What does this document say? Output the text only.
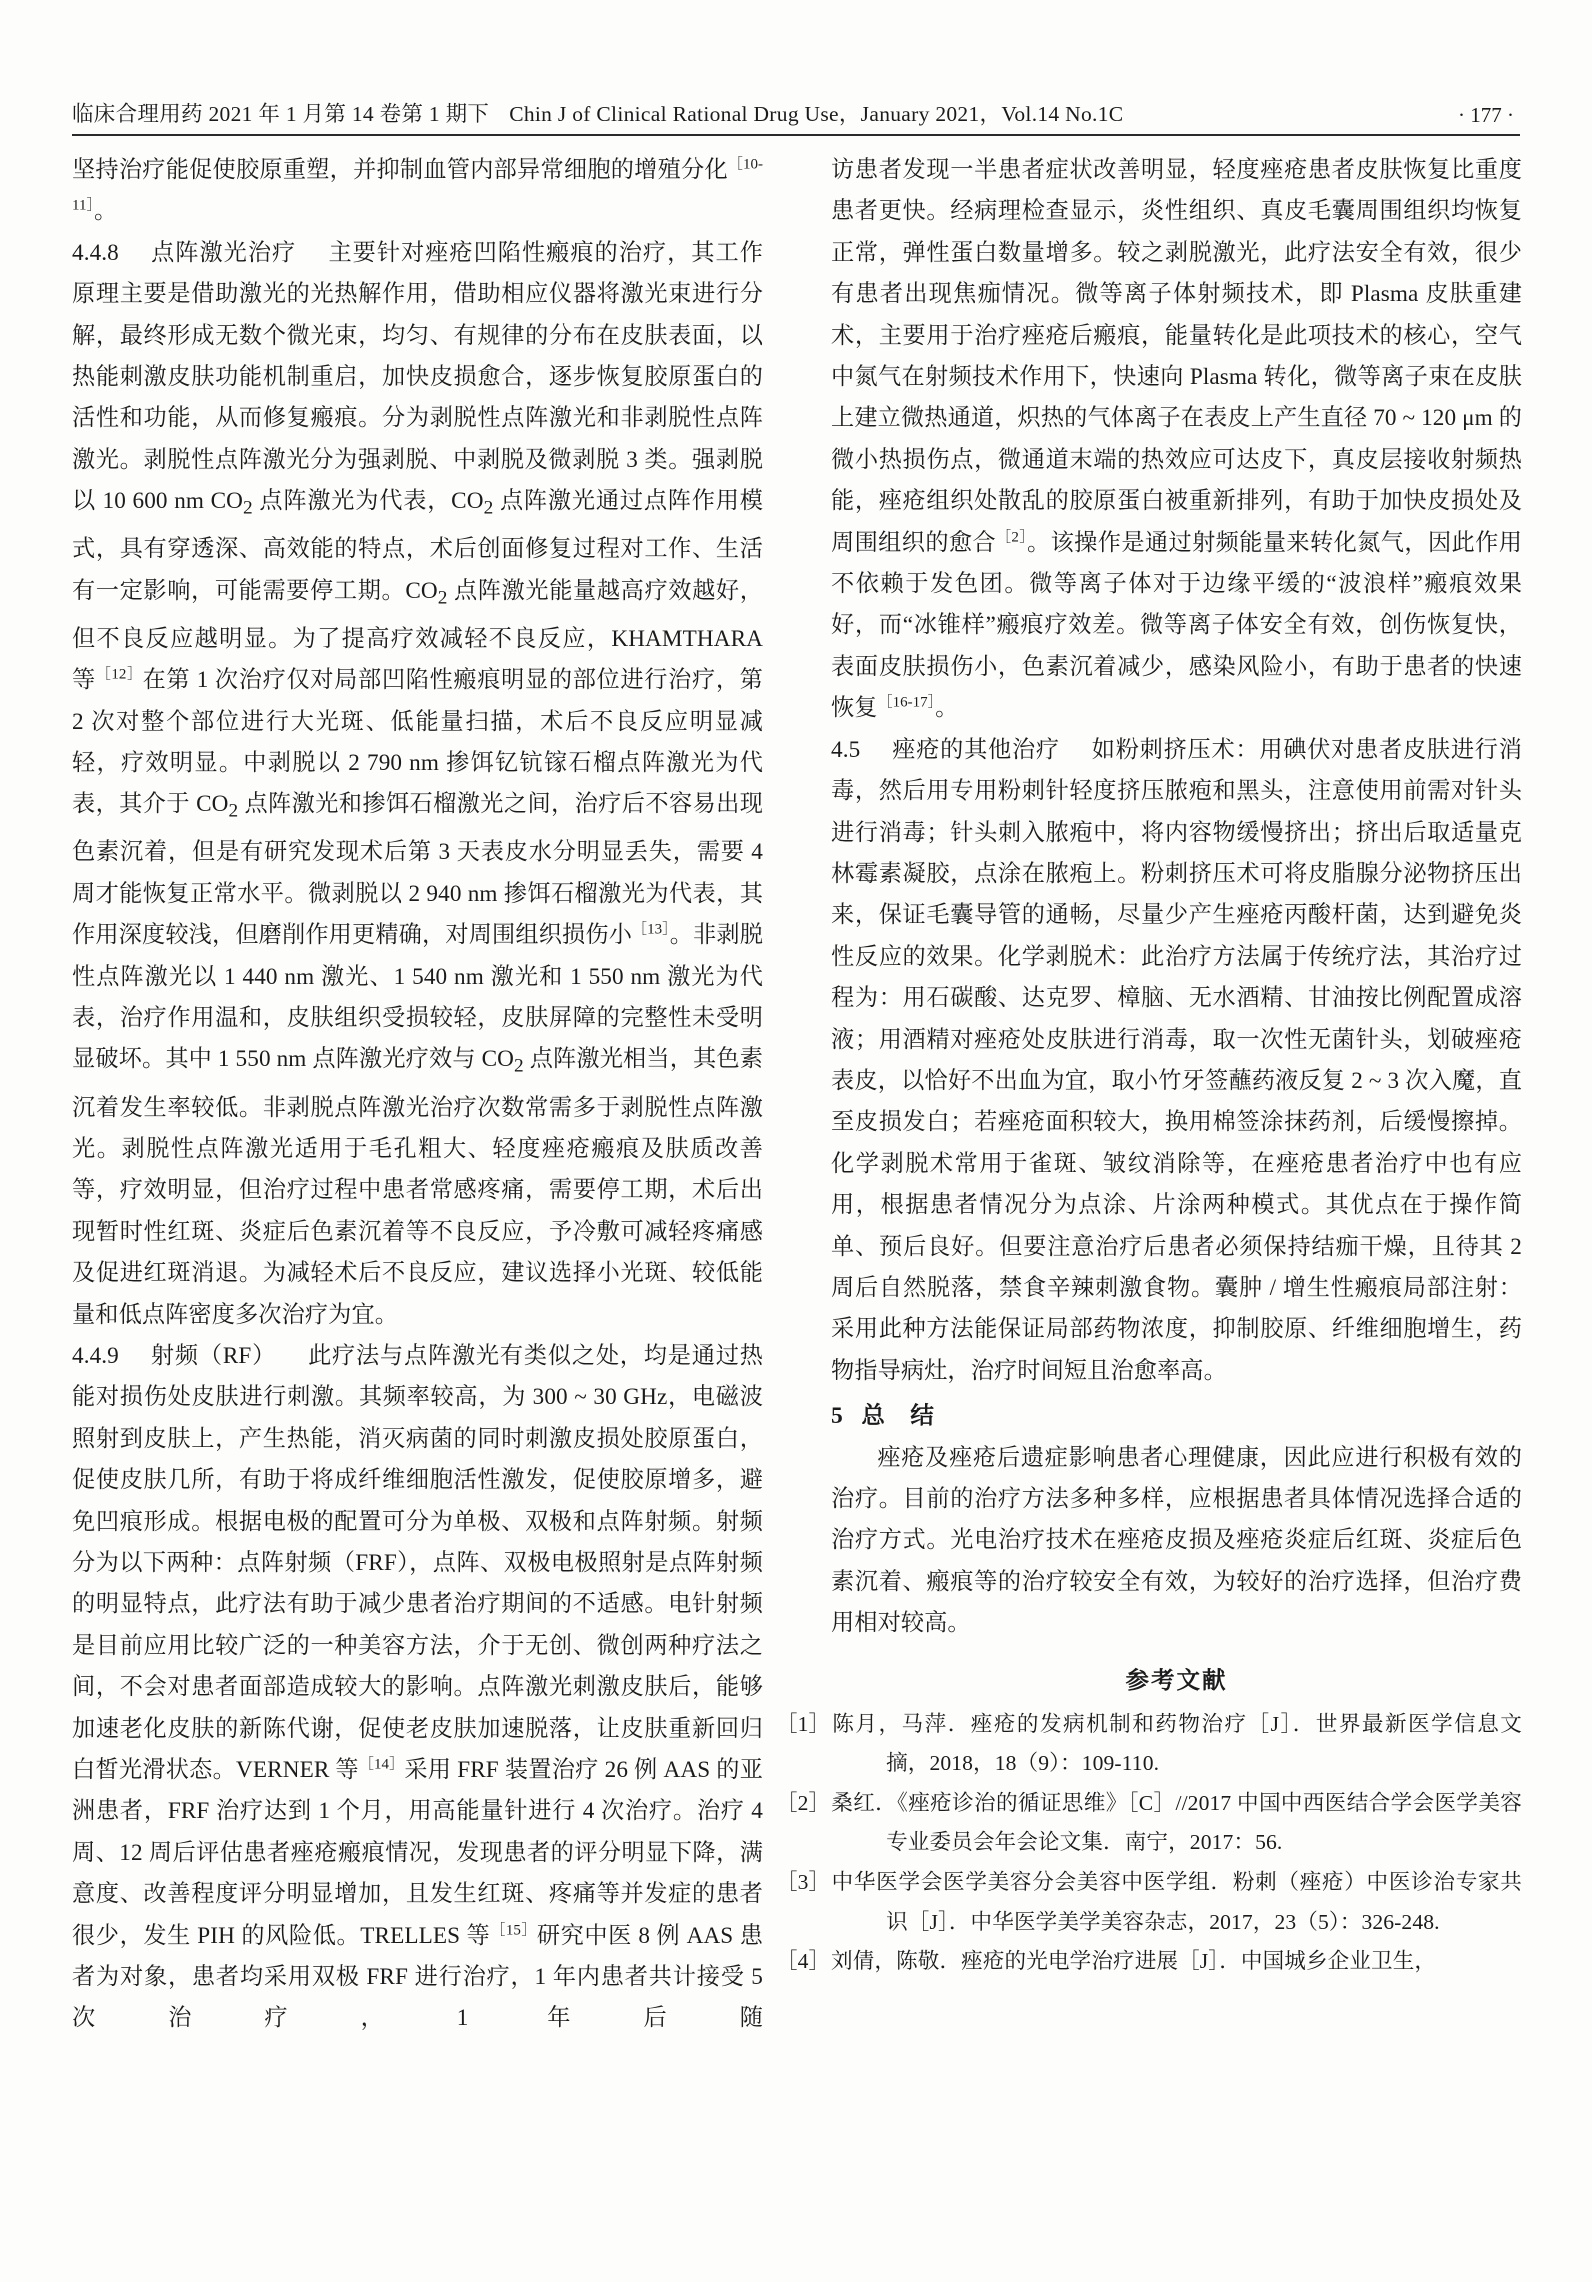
临床合理用药 2021 年 1 月第 14 卷第 1 期下 Chin J of Clinical Rational Drug Use，January 2021，Vol.14 No.1C	· 177 ·

坚持治疗能促使胶原重塑，并抑制血管内部异常细胞的增殖分化$^{[10-11]}$。

4.4.8 点阵激光治疗 主要针对痤疮凹陷性瘢痕的治疗，其工作原理主要是借助激光的光热解作用，借助相应仪器将激光束进行分解，最终形成无数个微光束，均匀、有规律的分布在皮肤表面，以热能刺激皮肤功能机制重启，加快皮损愈合，逐步恢复胶原蛋白的活性和功能，从而修复瘢痕。分为剥脱性点阵激光和非剥脱性点阵激光。剥脱性点阵激光分为强剥脱、中剥脱及微剥脱 3 类。强剥脱以 10 600 nm $CO_2$ 点阵激光为代表，$CO_2$ 点阵激光通过点阵作用模式，具有穿透深、高效能的特点，术后创面修复过程对工作、生活有一定影响，可能需要停工期。$CO_2$ 点阵激光能量越高疗效越好，但不良反应越明显。为了提高疗效减轻不良反应，KHAMTHARA 等$^{[12]}$在第 1 次治疗仅对局部凹陷性瘢痕明显的部位进行治疗，第 2 次对整个部位进行大光斑、低能量扫描，术后不良反应明显减轻，疗效明显。中剥脱以 2 790 nm 掺饵钇钪镓石榴点阵激光为代表，其介于 $CO_2$ 点阵激光和掺饵石榴激光之间，治疗后不容易出现色素沉着，但是有研究发现术后第 3 天表皮水分明显丢失，需要 4 周才能恢复正常水平。微剥脱以 2 940 nm 掺饵石榴激光为代表，其作用深度较浅，但磨削作用更精确，对周围组织损伤小$^{[13]}$。非剥脱性点阵激光以 1 440 nm 激光、1 540 nm 激光和 1 550 nm 激光为代表，治疗作用温和，皮肤组织受损较轻，皮肤屏障的完整性未受明显破坏。其中 1 550 nm 点阵激光疗效与 $CO_2$ 点阵激光相当，其色素沉着发生率较低。非剥脱点阵激光治疗次数常需多于剥脱性点阵激光。剥脱性点阵激光适用于毛孔粗大、轻度痤疮瘢痕及肤质改善等，疗效明显，但治疗过程中患者常感疼痛，需要停工期，术后出现暂时性红斑、炎症后色素沉着等不良反应，予冷敷可减轻疼痛感及促进红斑消退。为减轻术后不良反应，建议选择小光斑、较低能量和低点阵密度多次治疗为宜。

4.4.9 射频（RF） 此疗法与点阵激光有类似之处，均是通过热能对损伤处皮肤进行刺激。其频率较高，为 300 ~ 30 GHz，电磁波照射到皮肤上，产生热能，消灭病菌的同时刺激皮损处胶原蛋白，促使皮肤几所，有助于将成纤维细胞活性激发，促使胶原增多，避免凹痕形成。根据电极的配置可分为单极、双极和点阵射频。射频分为以下两种：点阵射频（FRF），点阵、双极电极照射是点阵射频的明显特点，此疗法有助于减少患者治疗期间的不适感。电针射频是目前应用比较广泛的一种美容方法，介于无创、微创两种疗法之间，不会对患者面部造成较大的影响。点阵激光刺激皮肤后，能够加速老化皮肤的新陈代谢，促使老皮肤加速脱落，让皮肤重新回归白皙光滑状态。VERNER 等$^{[14]}$采用 FRF 装置治疗 26 例 AAS 的亚洲患者，FRF 治疗达到 1 个月，用高能量针进行 4 次治疗。治疗 4 周、12 周后评估患者痤疮瘢痕情况，发现患者的评分明显下降，满意度、改善程度评分明显增加，且发生红斑、疼痛等并发症的患者很少，发生 PIH 的风险低。TRELLES 等$^{[15]}$研究中医 8 例 AAS 患者为对象，患者均采用双极 FRF 进行治疗，1 年内患者共计接受 5 次治疗，1 年后随

访患者发现一半患者症状改善明显，轻度痤疮患者皮肤恢复比重度患者更快。经病理检查显示，炎性组织、真皮毛囊周围组织均恢复正常，弹性蛋白数量增多。较之剥脱激光，此疗法安全有效，很少有患者出现焦痂情况。微等离子体射频技术，即 Plasma 皮肤重建术，主要用于治疗痤疮后瘢痕，能量转化是此项技术的核心，空气中氮气在射频技术作用下，快速向 Plasma 转化，微等离子束在皮肤上建立微热通道，炽热的气体离子在表皮上产生直径 70 ~ 120 μm 的微小热损伤点，微通道末端的热效应可达皮下，真皮层接收射频热能，痤疮组织处散乱的胶原蛋白被重新排列，有助于加快皮损处及周围组织的愈合$^{[2]}$。该操作是通过射频能量来转化氮气，因此作用不依赖于发色团。微等离子体对于边缘平缓的“波浪样”瘢痕效果好，而“冰锥样”瘢痕疗效差。微等离子体安全有效，创伤恢复快，表面皮肤损伤小，色素沉着减少，感染风险小，有助于患者的快速恢复$^{[16-17]}$。

4.5 痤疮的其他治疗 如粉刺挤压术：用碘伏对患者皮肤进行消毒，然后用专用粉刺针轻度挤压脓疱和黑头，注意使用前需对针头进行消毒；针头刺入脓疱中，将内容物缓慢挤出；挤出后取适量克林霉素凝胶，点涂在脓疱上。粉刺挤压术可将皮脂腺分泌物挤压出来，保证毛囊导管的通畅，尽量少产生痤疮丙酸杆菌，达到避免炎性反应的效果。化学剥脱术：此治疗方法属于传统疗法，其治疗过程为：用石碳酸、达克罗、樟脑、无水酒精、甘油按比例配置成溶液；用酒精对痤疮处皮肤进行消毒，取一次性无菌针头，划破痤疮表皮，以恰好不出血为宜，取小竹牙签蘸药液反复 2 ~ 3 次入魔，直至皮损发白；若痤疮面积较大，换用棉签涂抹药剂，后缓慢擦掉。化学剥脱术常用于雀斑、皱纹消除等，在痤疮患者治疗中也有应用，根据患者情况分为点涂、片涂两种模式。其优点在于操作简单、预后良好。但要注意治疗后患者必须保持结痂干燥，且待其 2 周后自然脱落，禁食辛辣刺激食物。囊肿 / 增生性瘢痕局部注射：采用此种方法能保证局部药物浓度，抑制胶原、纤维细胞增生，药物指导病灶，治疗时间短且治愈率高。

5 总　结

痤疮及痤疮后遗症影响患者心理健康，因此应进行积极有效的治疗。目前的治疗方法多种多样，应根据患者具体情况选择合适的治疗方式。光电治疗技术在痤疮皮损及痤疮炎症后红斑、炎症后色素沉着、瘢痕等的治疗较安全有效，为较好的治疗选择，但治疗费用相对较高。

参考文献
［1］陈月，马萍．痤疮的发病机制和药物治疗［J］．世界最新医学信息文摘，2018，18（9）：109-110.
［2］桑红．《痤疮诊治的循证思维》［C］//2017 中国中西医结合学会医学美容专业委员会年会论文集．南宁，2017：56.
［3］中华医学会医学美容分会美容中医学组．粉刺（痤疮）中医诊治专家共识［J］．中华医学美学美容杂志，2017，23（5）：326-248.
［4］刘倩，陈敬．痤疮的光电学治疗进展［J］．中国城乡企业卫生，
